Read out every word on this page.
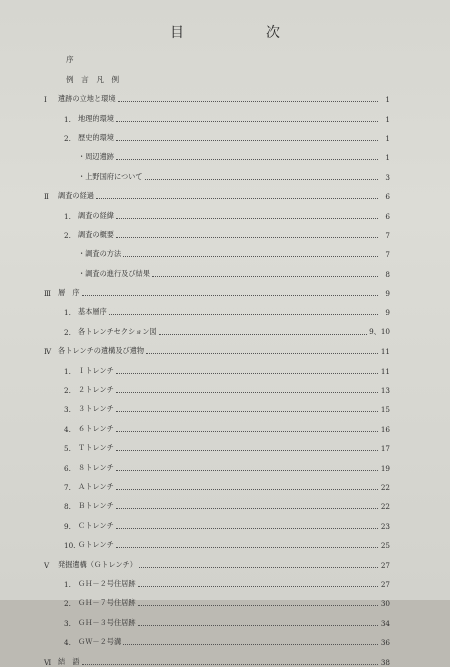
目　次
序
例　言　凡　例
Ⅰ	遺跡の立地と環境	1
1. 地理的環境	1
2. 歴史的環境	1
・周辺遺跡	1
・上野国府について	3
Ⅱ	調査の経過	6
1. 調査の経緯	6
2. 調査の概要	7
・調査の方法	7
・調査の進行及び結果	8
Ⅲ 層　序	9
1. 基本層序	9
2. 各トレンチセクション図	9、10
Ⅳ 各トレンチの遺構及び遺物	11
1. Ｉトレンチ	11
2. ２トレンチ	13
3. ３トレンチ	15
4. ６トレンチ	16
5. Ｔトレンチ	17
6. ８トレンチ	19
7. Ａトレンチ	22
8. Ｂトレンチ	22
9. Ｃトレンチ	23
10. Ｇトレンチ	25
Ⅴ	発掘遺構（Ｇトレンチ）	27
1. ＧＨ－２号住居跡	27
2. ＧＨ－７号住居跡	30
3. ＧＨ－３号住居跡	34
4. ＧＷ－２号溝	36
Ⅵ 結　語	38
